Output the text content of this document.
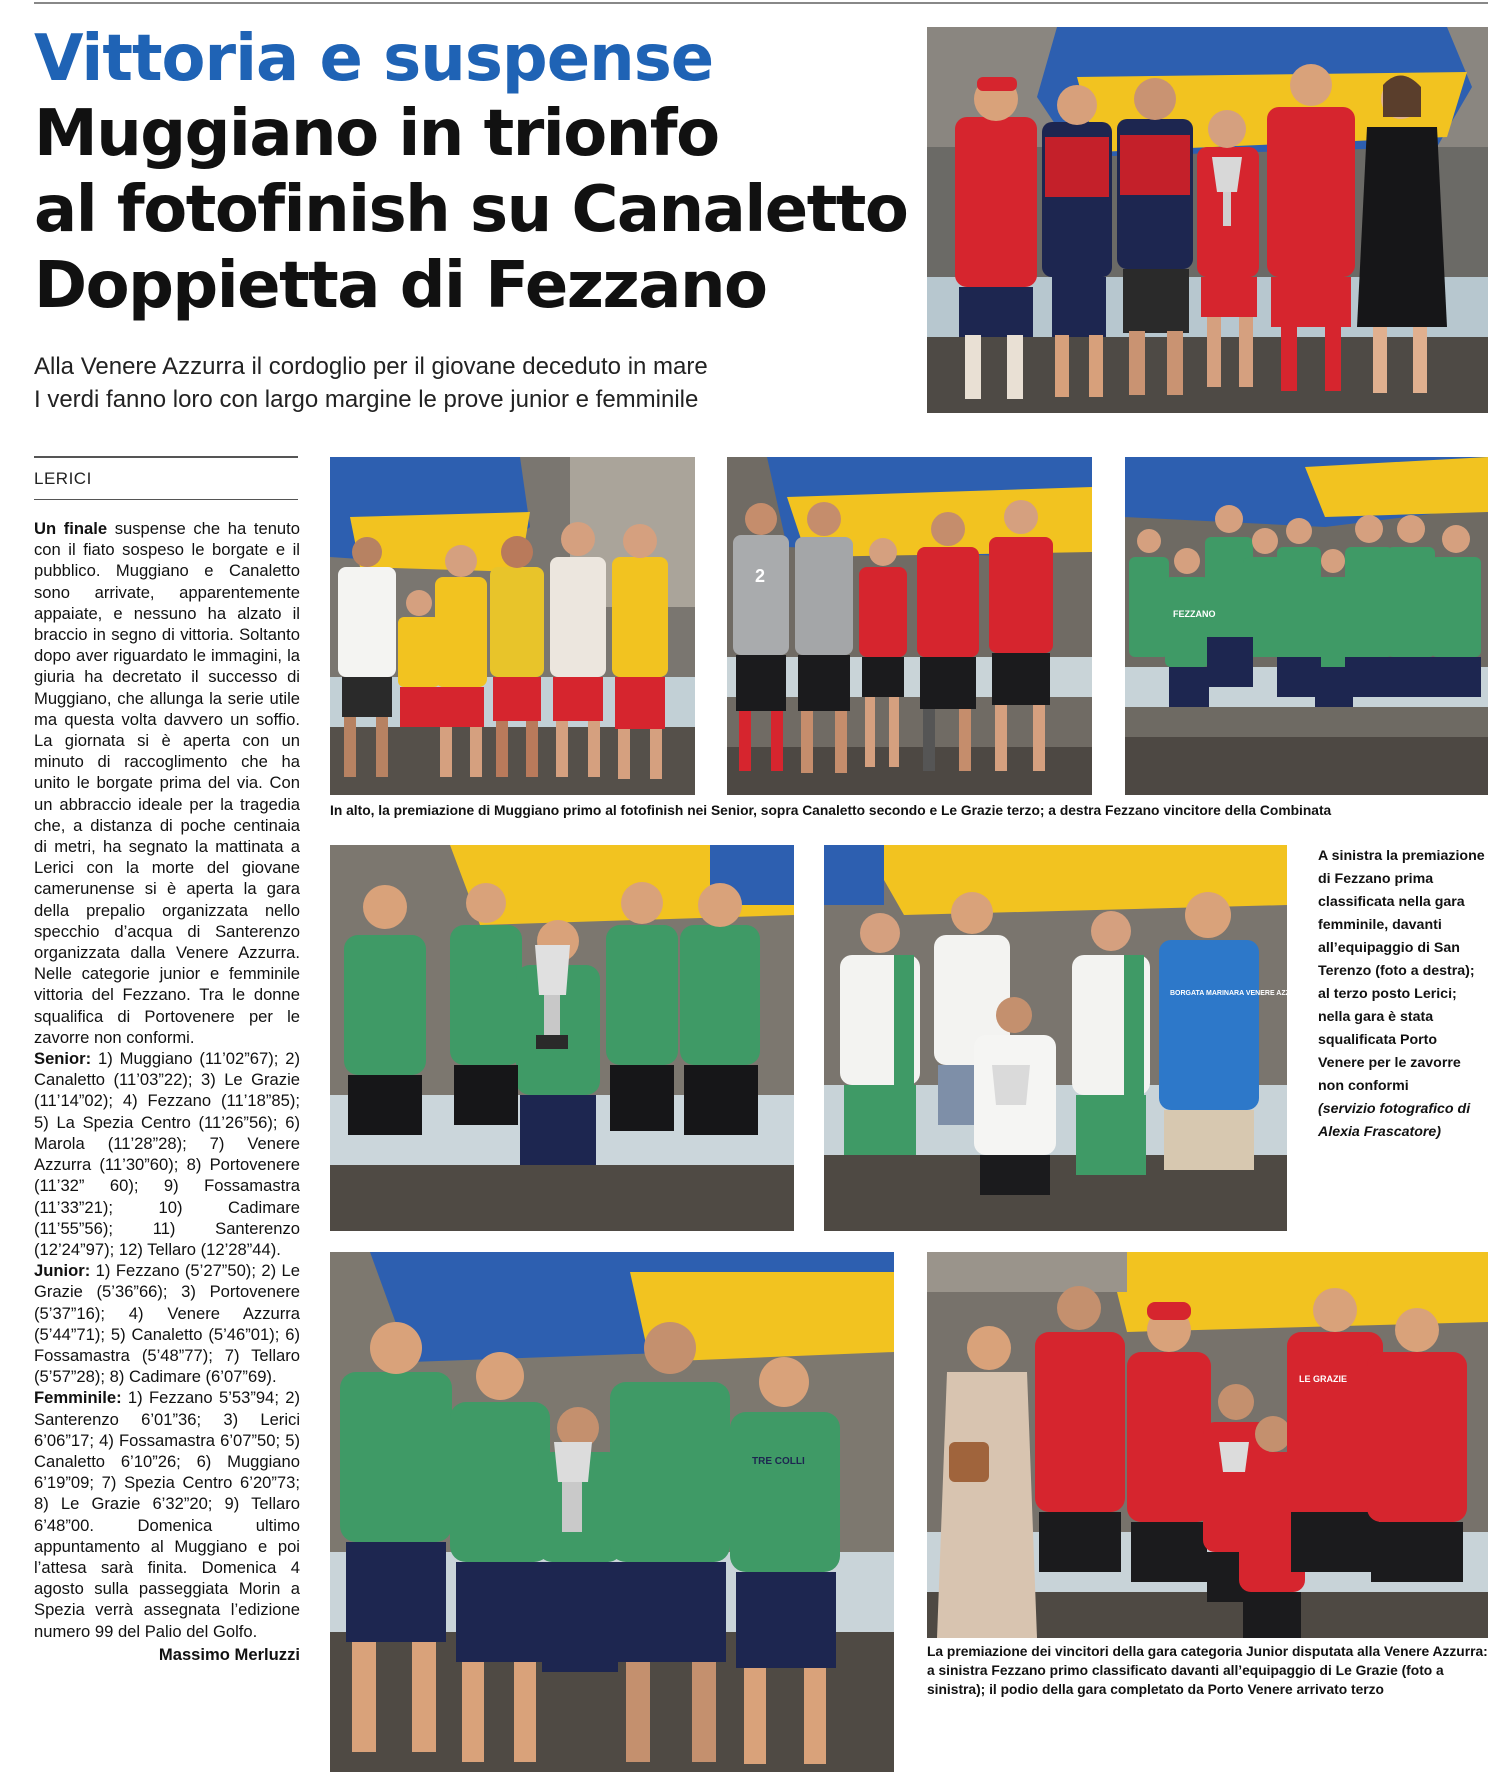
Vittoria e suspense
Muggiano in trionfo
al fotofinish su Canaletto
Doppietta di Fezzano
Alla Venere Azzurra il cordoglio per il giovane deceduto in mare
I verdi fanno loro con largo margine le prove junior e femminile
LERICI

Un finale suspense che ha tenuto con il fiato sospeso le borgate e il pubblico. Muggiano e Canaletto sono arrivate, apparentemente appaiate, e nessuno ha alzato il braccio in segno di vittoria. Soltanto dopo aver riguardato le immagini, la giuria ha decretato il successo di Muggiano, che allunga la serie utile ma questa volta davvero un soffio. La giornata si è aperta con un minuto di raccoglimento che ha unito le borgate prima del via. Con un abbraccio ideale per la tragedia che, a distanza di poche centinaia di metri, ha segnato la mattinata a Lerici con la morte del giovane camerunense si è aperta la gara della prepalio organizzata nello specchio d’acqua di Santerenzo organizzata dalla Venere Azzurra. Nelle categorie junior e femminile vittoria del Fezzano. Tra le donne squalifica di Portovenere per le zavorre non conformi.
Senior: 1) Muggiano (11’02”67); 2) Canaletto (11’03”22); 3) Le Grazie (11’14”02); 4) Fezzano (11’18”85); 5) La Spezia Centro (11’26”56); 6) Marola (11’28”28); 7) Venere Azzurra (11’30”60); 8) Portovenere (11’32” 60); 9) Fossamastra (11’33”21); 10) Cadimare (11’55”56); 11) Santerenzo (12’24”97); 12) Tellaro (12’28”44).
Junior: 1) Fezzano (5’27”50); 2) Le Grazie (5’36”66); 3) Portovenere (5’37”16); 4) Venere Azzurra (5’44”71); 5) Canaletto (5’46”01); 6) Fossamastra (5’48”77); 7) Tellaro (5’57”28); 8) Cadimare (6’07”69).
Femminile: 1) Fezzano 5’53”94; 2) Santerenzo 6’01”36; 3) Lerici 6’06”17; 4) Fossamastra 6’07”50; 5) Canaletto 6’10”26; 6) Muggiano 6’19”09; 7) Spezia Centro 6’20”73; 8) Le Grazie 6’32”20; 9) Tellaro 6’48”00. Domenica ultimo appuntamento al Muggiano e poi l’attesa sarà finita. Domenica 4 agosto sulla passeggiata Morin a Spezia verrà assegnata l’edizione numero 99 del Palio del Golfo.

Massimo Merluzzi
2
FEZZANO
In alto, la premiazione di Muggiano primo al fotofinish nei Senior, sopra Canaletto secondo e Le Grazie terzo; a destra Fezzano vincitore della Combinata
BORGATA MARINARA VENERE AZZURRA
A sinistra la premiazione di Fezzano prima classificata nella gara femminile, davanti all’equipaggio di San Terenzo (foto a destra); al terzo posto Lerici; nella gara è stata squalificata Porto Venere per le zavorre non conformi
(servizio fotografico di Alexia Frascatore)
TRE COLLI
LE GRAZIE
La premiazione dei vincitori della gara categoria Junior disputata alla Venere Azzurra: a sinistra Fezzano primo classificato davanti all’equipaggio di Le Grazie (foto a sinistra); il podio della gara completato da Porto Venere arrivato terzo
